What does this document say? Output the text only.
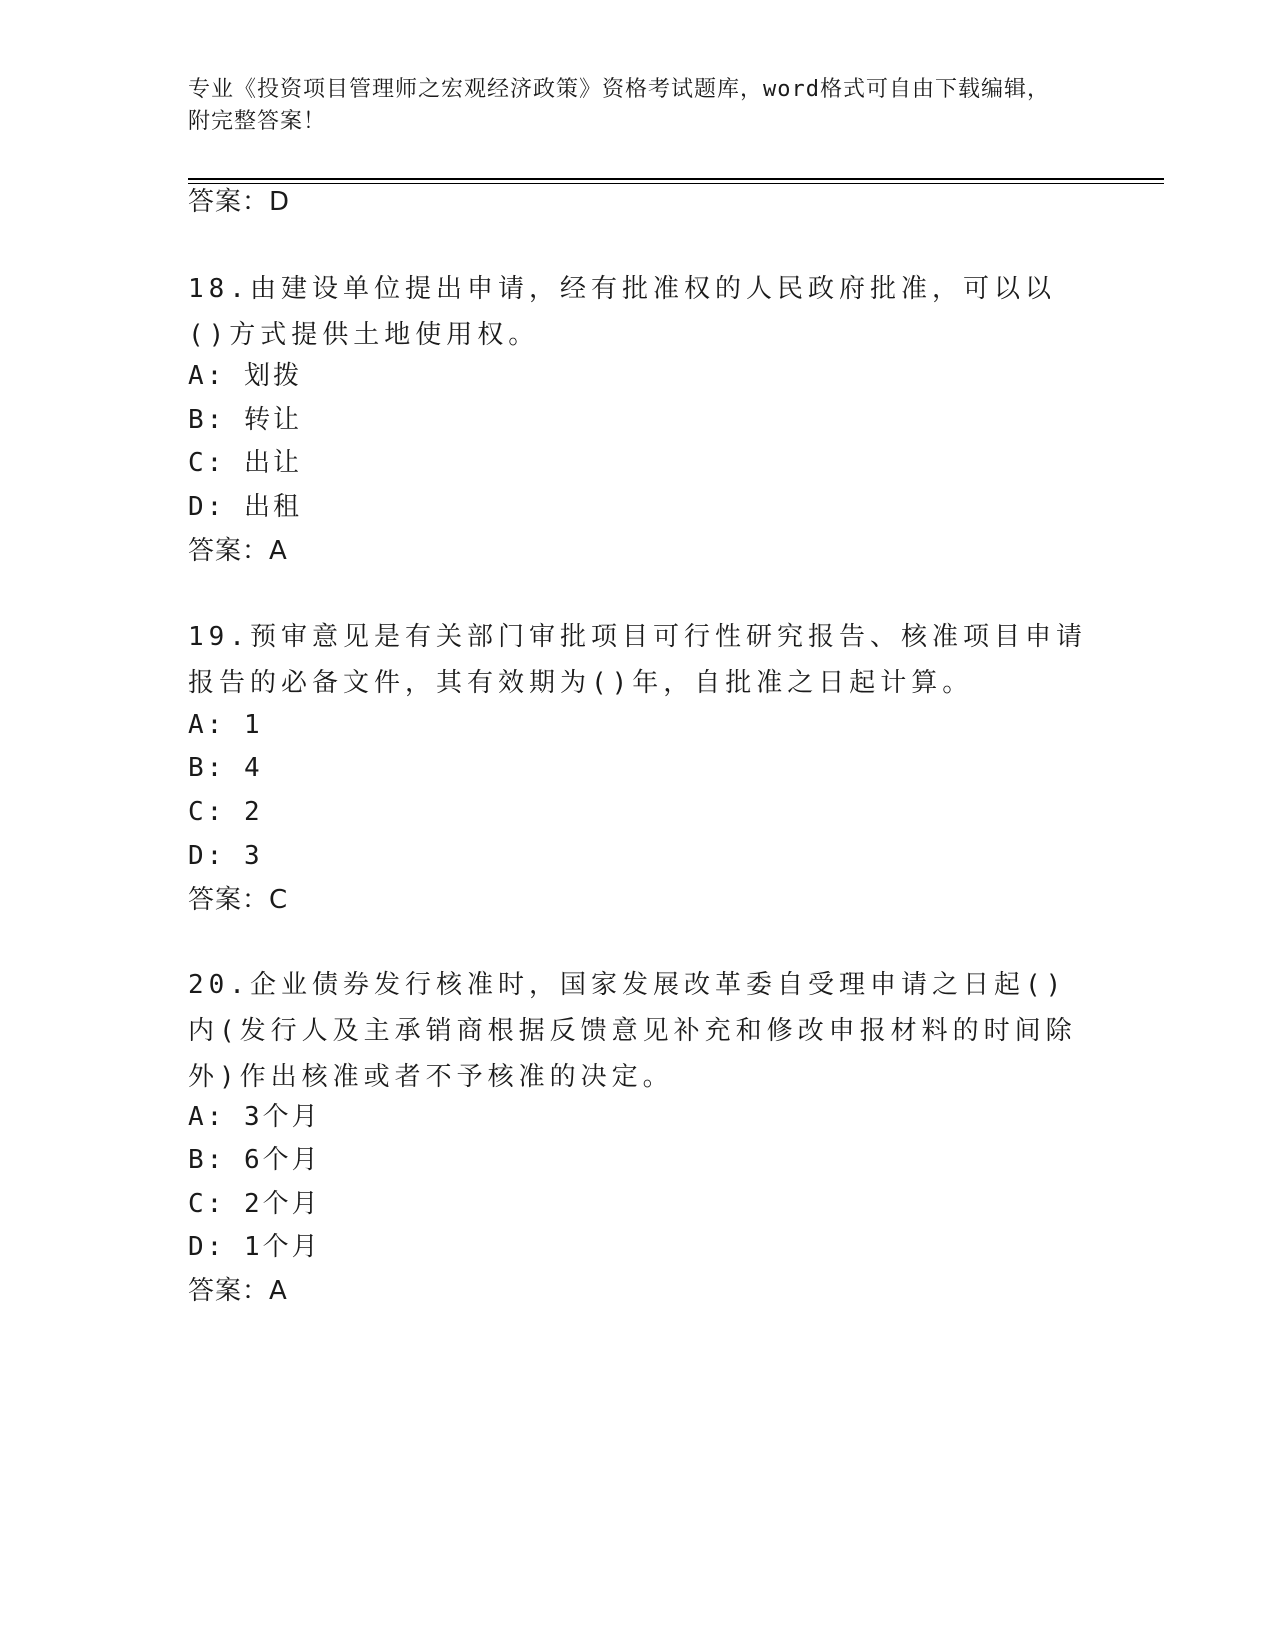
专业《投资项目管理师之宏观经济政策》资格考试题库，word格式可自由下载编辑，附完整答案！
答案：D
18.由建设单位提出申请，经有批准权的人民政府批准，可以以()方式提供土地使用权。
A: 划拨
B: 转让
C: 出让
D: 出租
答案：A
19.预审意见是有关部门审批项目可行性研究报告、核准项目申请报告的必备文件，其有效期为()年，自批准之日起计算。
A: 1
B: 4
C: 2
D: 3
答案：C
20.企业债券发行核准时，国家发展改革委自受理申请之日起()内(发行人及主承销商根据反馈意见补充和修改申报材料的时间除外)作出核准或者不予核准的决定。
A: 3个月
B: 6个月
C: 2个月
D: 1个月
答案：A
